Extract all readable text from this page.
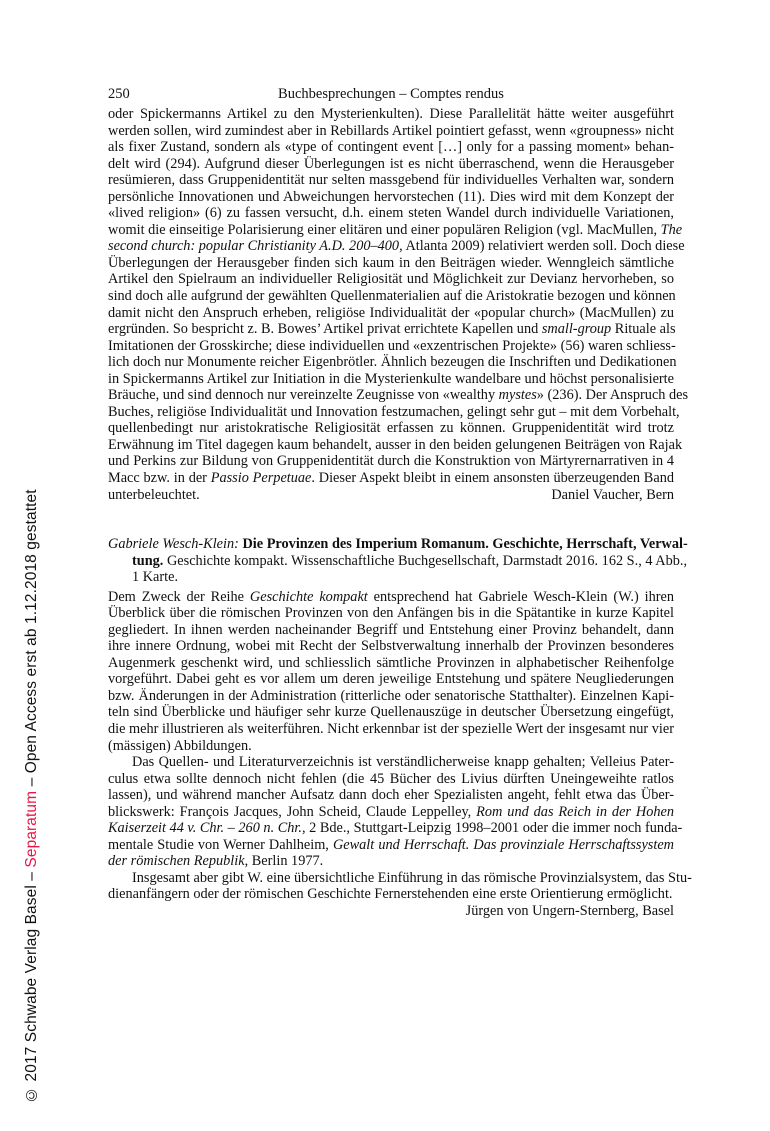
250	Buchbesprechungen – Comptes rendus
oder Spickermanns Artikel zu den Mysterienkulten). Diese Parallelität hätte weiter ausgeführt
werden sollen, wird zumindest aber in Rebillards Artikel pointiert gefasst, wenn «groupness» nicht
als fixer Zustand, sondern als «type of contingent event […] only for a passing moment» behan-
delt wird (294). Aufgrund dieser Überlegungen ist es nicht überraschend, wenn die Herausgeber
resümieren, dass Gruppenidentität nur selten massgebend für individuelles Verhalten war, sondern
persönliche Innovationen und Abweichungen hervorstechen (11). Dies wird mit dem Konzept der
«lived religion» (6) zu fassen versucht, d.h. einem steten Wandel durch individuelle Variationen,
womit die einseitige Polarisierung einer elitären und einer populären Religion (vgl. MacMullen, The
second church: popular Christianity A.D. 200–400, Atlanta 2009) relativiert werden soll. Doch diese
Überlegungen der Herausgeber finden sich kaum in den Beiträgen wieder. Wenngleich sämtliche
Artikel den Spielraum an individueller Religiosität und Möglichkeit zur Devianz hervorheben, so
sind doch alle aufgrund der gewählten Quellenmaterialien auf die Aristokratie bezogen und können
damit nicht den Anspruch erheben, religiöse Individualität der «popular church» (MacMullen) zu
ergründen. So bespricht z. B. Bowes’ Artikel privat errichtete Kapellen und small-group Rituale als
Imitationen der Grosskirche; diese individuellen und «exzentrischen Projekte» (56) waren schliess-
lich doch nur Monumente reicher Eigenbrötler. Ähnlich bezeugen die Inschriften und Dedikationen
in Spickermanns Artikel zur Initiation in die Mysterienkulte wandelbare und höchst personalisierte
Bräuche, und sind dennoch nur vereinzelte Zeugnisse von «wealthy mystes» (236). Der Anspruch des
Buches, religiöse Individualität und Innovation festzumachen, gelingt sehr gut – mit dem Vorbehalt,
quellenbedingt nur aristokratische Religiosität erfassen zu können. Gruppenidentität wird trotz
Erwähnung im Titel dagegen kaum behandelt, ausser in den beiden gelungenen Beiträgen von Rajak
und Perkins zur Bildung von Gruppenidentität durch die Konstruktion von Märtyrernarrativen in 4
Macc bzw. in der Passio Perpetuae. Dieser Aspekt bleibt in einem ansonsten überzeugenden Band
unterbeleuchtet.	Daniel Vaucher, Bern
Gabriele Wesch-Klein: Die Provinzen des Imperium Romanum. Geschichte, Herrschaft, Verwal-
tung. Geschichte kompakt. Wissenschaftliche Buchgesellschaft, Darmstadt 2016. 162 S., 4 Abb.,
1 Karte.
Dem Zweck der Reihe Geschichte kompakt entsprechend hat Gabriele Wesch-Klein (W.) ihren
Überblick über die römischen Provinzen von den Anfängen bis in die Spätantike in kurze Kapitel
gegliedert. In ihnen werden nacheinander Begriff und Entstehung einer Provinz behandelt, dann
ihre innere Ordnung, wobei mit Recht der Selbstverwaltung innerhalb der Provinzen besonderes
Augenmerk geschenkt wird, und schliesslich sämtliche Provinzen in alphabetischer Reihenfolge
vorgeführt. Dabei geht es vor allem um deren jeweilige Entstehung und spätere Neugliederungen
bzw. Änderungen in der Administration (ritterliche oder senatorische Statthalter). Einzelnen Kapi-
teln sind Überblicke und häufiger sehr kurze Quellenauszüge in deutscher Übersetzung eingefügt,
die mehr illustrieren als weiterführen. Nicht erkennbar ist der spezielle Wert der insgesamt nur vier
(mässigen) Abbildungen.
Das Quellen- und Literaturverzeichnis ist verständlicherweise knapp gehalten; Velleius Pater-
culus etwa sollte dennoch nicht fehlen (die 45 Bücher des Livius dürften Uneingeweihte ratlos
lassen), und während mancher Aufsatz dann doch eher Spezialisten angeht, fehlt etwa das Über-
blickswerk: François Jacques, John Scheid, Claude Leppelley, Rom und das Reich in der Hohen
Kaiserzeit 44 v. Chr. – 260 n. Chr., 2 Bde., Stuttgart-Leipzig 1998–2001 oder die immer noch funda-
mentale Studie von Werner Dahlheim, Gewalt und Herrschaft. Das provinziale Herrschaftssystem
der römischen Republik, Berlin 1977.
Insgesamt aber gibt W. eine übersichtliche Einführung in das römische Provinzialsystem, das Stu-
dienanfängern oder der römischen Geschichte Fernerstehenden eine erste Orientierung ermöglicht.
Jürgen von Ungern-Sternberg, Basel
© 2017 Schwabe Verlag Basel – Separatum – Open Access erst ab 1.12.2018 gestattet
